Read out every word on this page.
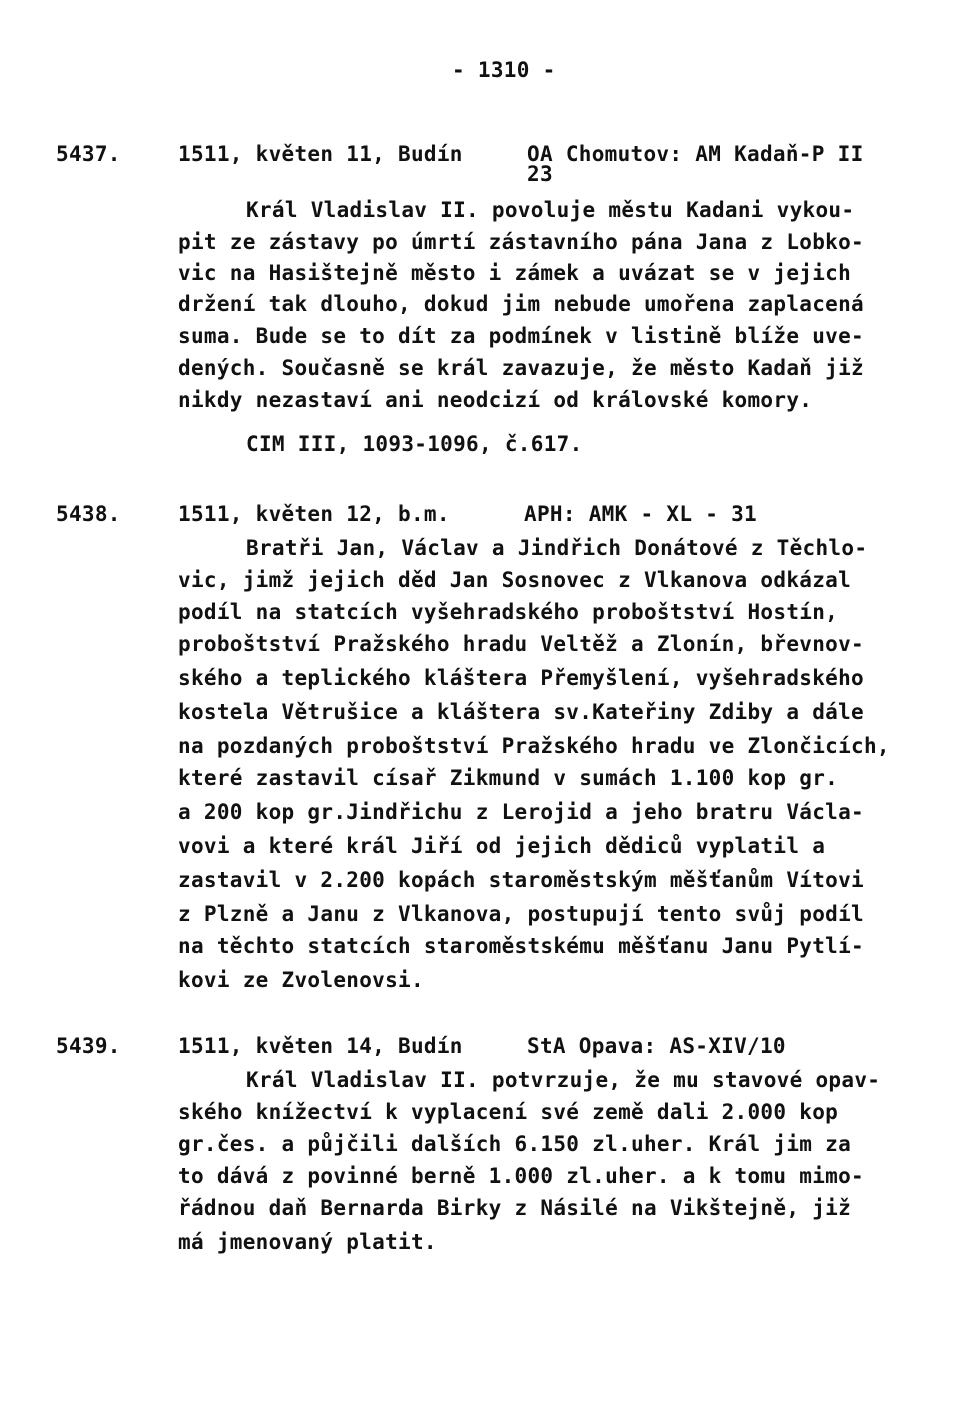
- 1310 -
5437.	1511, květen 11, Budín	OA Chomutov: AM Kadaň-P II
23
Král Vladislav II. povoluje městu Kadani vykou-
pit ze zástavy po úmrtí zástavního pána Jana z Lobko-
vic na Hasištejně město i zámek a uvázat se v jejich
držení tak dlouho, dokud jim nebude umořena zaplacená
suma. Bude se to dít za podmínek v listině blíže uve-
dených. Současně se král zavazuje, že město Kadaň již
nikdy nezastaví ani neodcizí od královské komory.
CIM III, 1093-1096, č.617.
5438.	1511, květen 12, b.m.	APH: AMK - XL - 31
Bratři Jan, Václav a Jindřich Donátové z Těchlo-
vic, jimž jejich děd Jan Sosnovec z Vlkanova odkázal
podíl na statcích vyšehradského proboštství Hostín,
proboštství Pražského hradu Veltěž a Zlonín, břevnov-
ského a teplického kláštera Přemyšlení, vyšehradského
kostela Větrušice a kláštera sv.Kateřiny Zdiby a dále
na pozdaných proboštství Pražského hradu ve Zlončicích,
které zastavil císař Zikmund v sumách 1.100 kop gr.
a 200 kop gr.Jindřichu z Lerojid a jeho bratru Václa-
vovi a které král Jiří od jejich dědiců vyplatil a
zastavil v 2.200 kopách staroměstským měšťanům Vítovi
z Plzně a Janu z Vlkanova, postupují tento svůj podíl
na těchto statcích staroměstskému měšťanu Janu Pytlí-
kovi ze Zvolenovsi.
5439.	1511, květen 14, Budín	StA Opava: AS-XIV/10
Král Vladislav II. potvrzuje, že mu stavové opav-
ského knížectví k vyplacení své země dali 2.000 kop
gr.čes. a půjčili dalších 6.150 zl.uher. Král jim za
to dává z povinné berně 1.000 zl.uher. a k tomu mimo-
řádnou daň Bernarda Birky z Násilé na Vikštejně, již
má jmenovaný platit.
